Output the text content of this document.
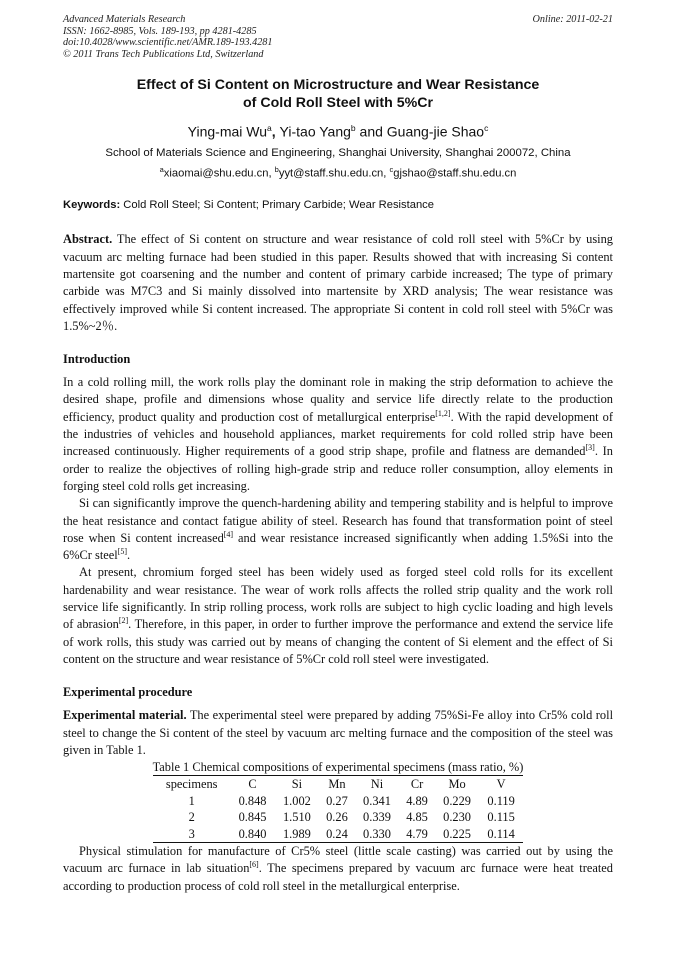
Advanced Materials Research
ISSN: 1662-8985, Vols. 189-193, pp 4281-4285
doi:10.4028/www.scientific.net/AMR.189-193.4281
© 2011 Trans Tech Publications Ltd, Switzerland
Online: 2011-02-21
Effect of Si Content on Microstructure and Wear Resistance
of Cold Roll Steel with 5%Cr
Ying-mai Wu$^a$, Yi-tao Yang$^b$ and Guang-jie Shao$^c$
School of Materials Science and Engineering, Shanghai University, Shanghai 200072, China
$^a$xiaomai@shu.edu.cn, $^b$yyt@staff.shu.edu.cn, $^c$gjshao@staff.shu.edu.cn
Keywords: Cold Roll Steel; Si Content; Primary Carbide; Wear Resistance

Abstract. The effect of Si content on structure and wear resistance of cold roll steel with 5%Cr by using vacuum arc melting furnace had been studied in this paper. Results showed that with increasing Si content martensite got coarsening and the number and content of primary carbide increased; The type of primary carbide was M7C3 and Si mainly dissolved into martensite by XRD analysis; The wear resistance was effectively improved while Si content increased. The appropriate Si content in cold roll steel with 5%Cr was 1.5%~2％.

Introduction

In a cold rolling mill, the work rolls play the dominant role in making the strip deformation to achieve the desired shape, profile and dimensions whose quality and service life directly relate to the production efficiency, product quality and production cost of metallurgical enterprise[1,2]. With the rapid development of the industries of vehicles and household appliances, market requirements for cold rolled strip have been increased continuously. Higher requirements of a good strip shape, profile and flatness are demanded[3]. In order to realize the objectives of rolling high-grade strip and reduce roller consumption, alloy elements in forging steel cold rolls get increasing.

Si can significantly improve the quench-hardening ability and tempering stability and is helpful to improve the heat resistance and contact fatigue ability of steel. Research has found that transformation point of steel rose when Si content increased[4] and wear resistance increased significantly when adding 1.5%Si into the 6%Cr steel[5].

At present, chromium forged steel has been widely used as forged steel cold rolls for its excellent hardenability and wear resistance. The wear of work rolls affects the rolled strip quality and the work roll service life significantly. In strip rolling process, work rolls are subject to high cyclic loading and high levels of abrasion[2]. Therefore, in this paper, in order to further improve the performance and extend the service life of work rolls, this study was carried out by means of changing the content of Si element and the effect of Si content on the structure and wear resistance of 5%Cr cold roll steel were investigated.

Experimental procedure

Experimental material. The experimental steel were prepared by adding 75%Si-Fe alloy into Cr5% cold roll steel to change the Si content of the steel by vacuum arc melting furnace and the composition of the steel was given in Table 1.

Table 1 Chemical compositions of experimental specimens (mass ratio, %)
specimens	C	Si	Mn	Ni	Cr	Mo	V
1	0.848	1.002	0.27	0.341	4.89	0.229	0.119
2	0.845	1.510	0.26	0.339	4.85	0.230	0.115
3	0.840	1.989	0.24	0.330	4.79	0.225	0.114

Physical stimulation for manufacture of Cr5% steel (little scale casting) was carried out by using the vacuum arc furnace in lab situation[6]. The specimens prepared by vacuum arc furnace were heat treated according to production process of cold roll steel in the metallurgical enterprise.
